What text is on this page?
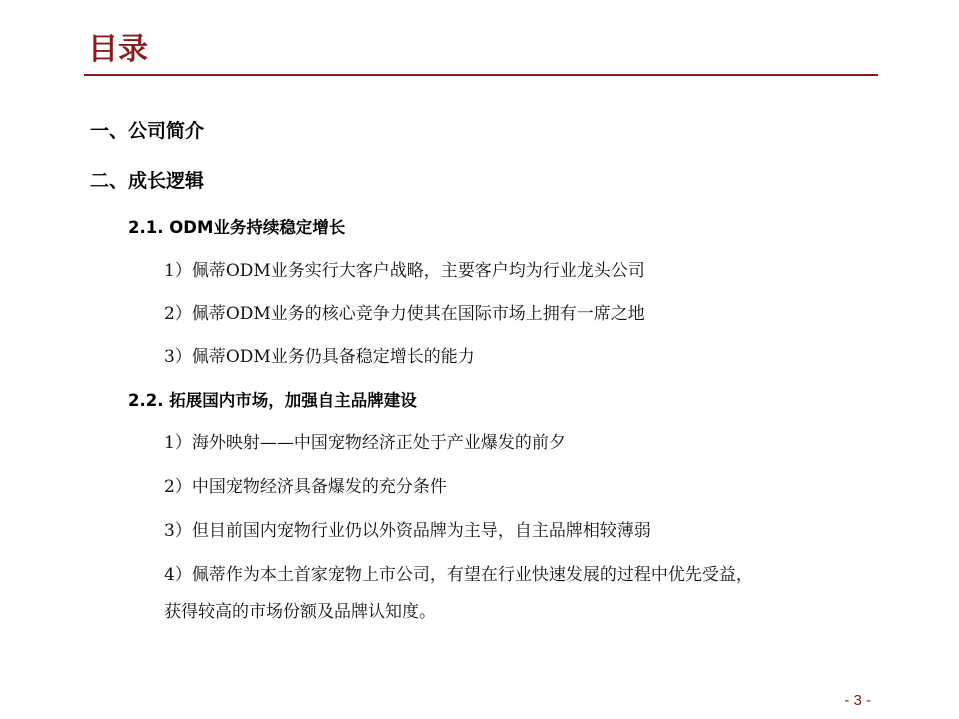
目录
一、公司简介
二、成长逻辑
2.1. ODM业务持续稳定增长
1）佩蒂ODM业务实行大客户战略，主要客户均为行业龙头公司
2）佩蒂ODM业务的核心竞争力使其在国际市场上拥有一席之地
3）佩蒂ODM业务仍具备稳定增长的能力
2.2. 拓展国内市场，加强自主品牌建设
1）海外映射——中国宠物经济正处于产业爆发的前夕
2）中国宠物经济具备爆发的充分条件
3）但目前国内宠物行业仍以外资品牌为主导，自主品牌相较薄弱
4）佩蒂作为本土首家宠物上市公司，有望在行业快速发展的过程中优先受益，
获得较高的市场份额及品牌认知度。
- 3 -
